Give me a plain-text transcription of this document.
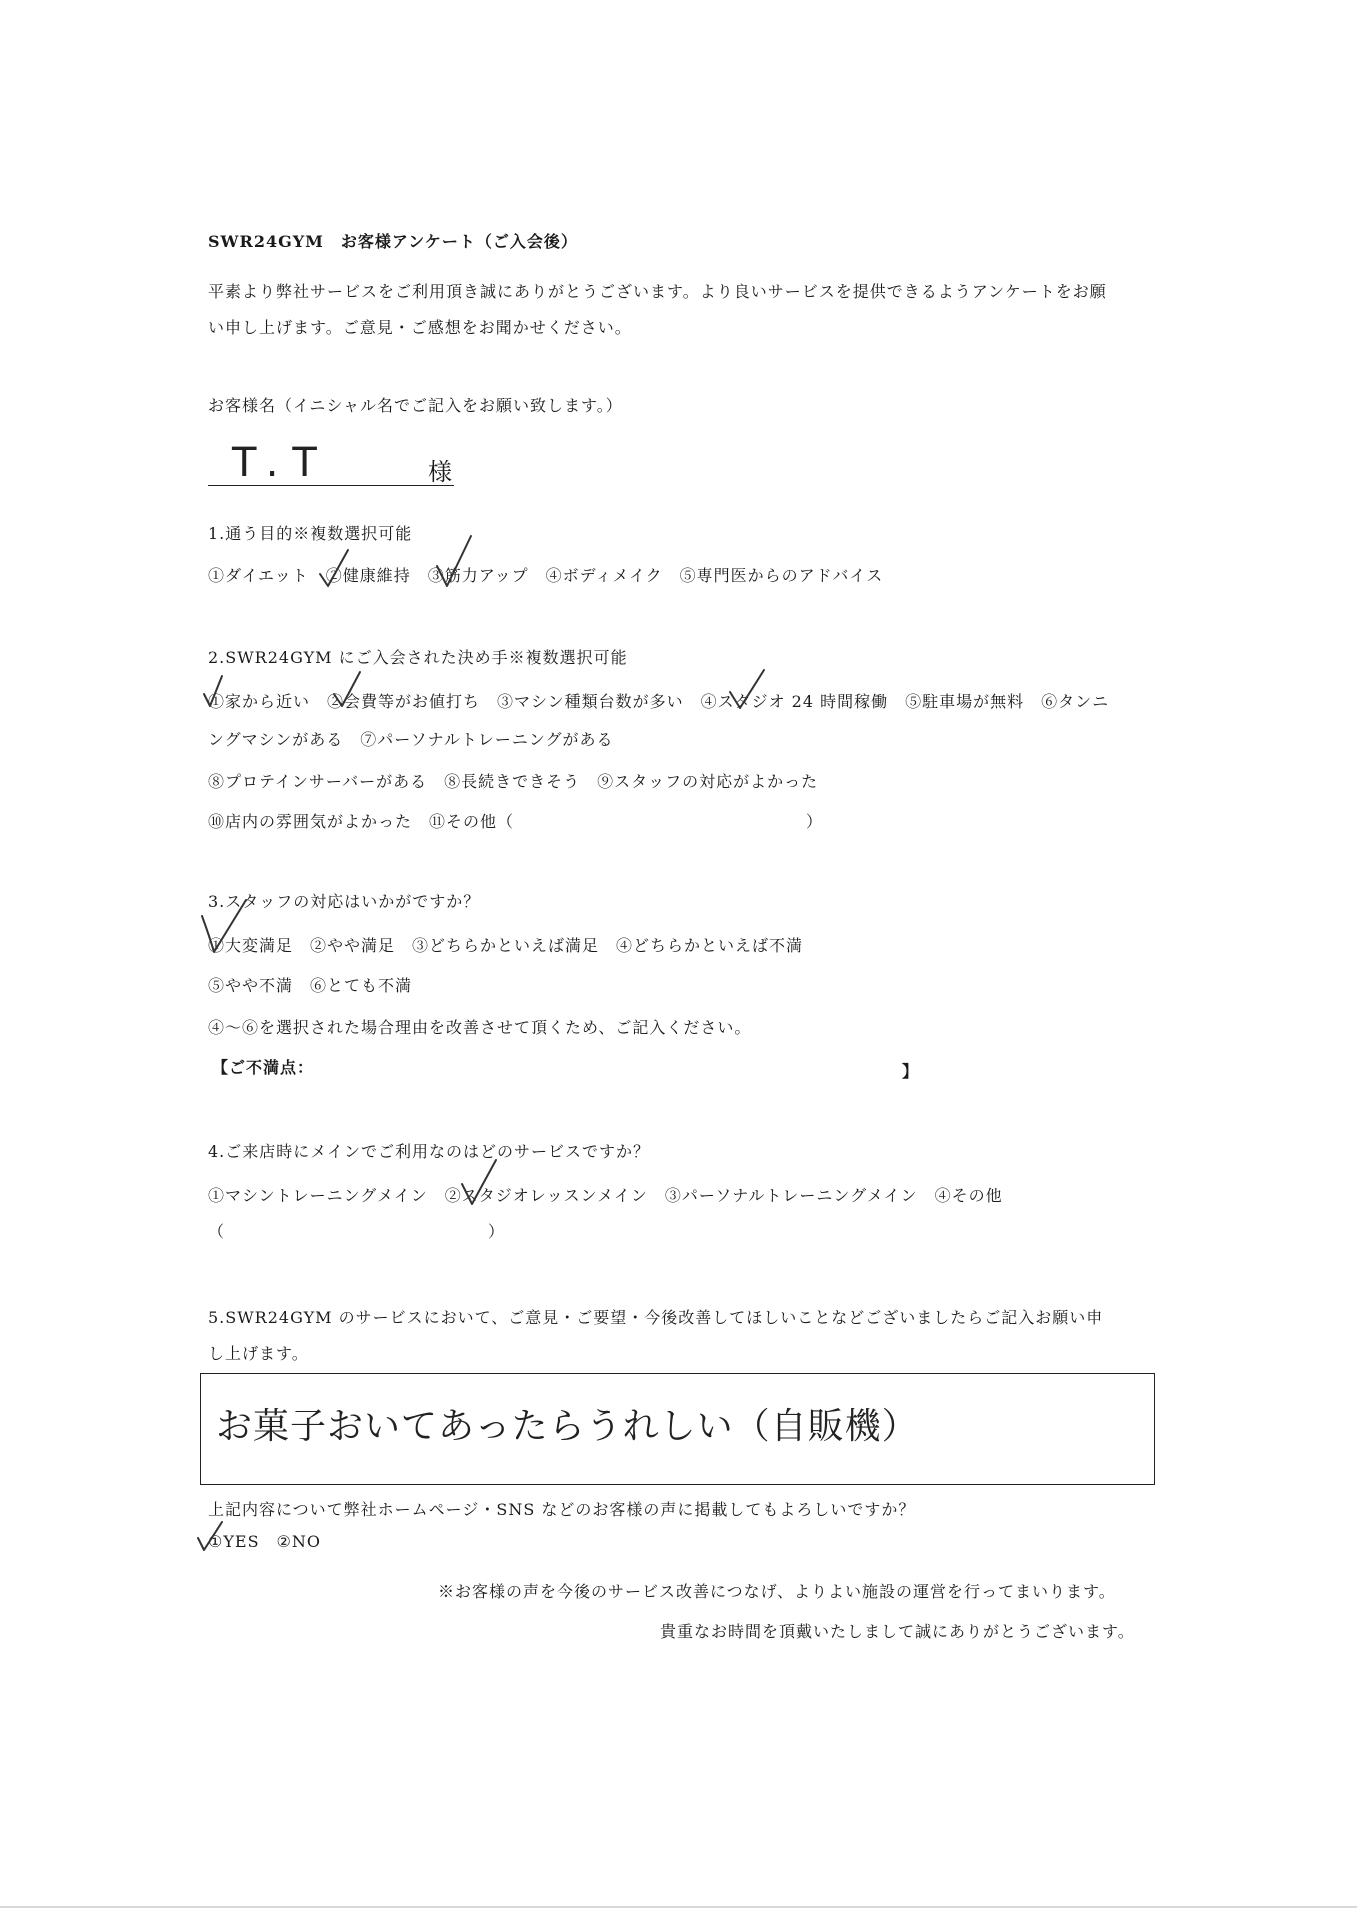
SWR24GYM　お客様アンケート（ご入会後）
平素より弊社サービスをご利用頂き誠にありがとうございます。より良いサービスを提供できるようアンケートをお願
い申し上げます。ご意見・ご感想をお聞かせください。
お客様名（イニシャル名でご記入をお願い致します。）
T.T	様
1.通う目的※複数選択可能
①ダイエット　②健康維持　③筋力アップ　④ボディメイク　⑤専門医からのアドバイス
2.SWR24GYM にご入会された決め手※複数選択可能
①家から近い　②会費等がお値打ち　③マシン種類台数が多い　④スタジオ 24 時間稼働　⑤駐車場が無料　⑥タンニ
ングマシンがある　⑦パーソナルトレーニングがある
⑧プロテインサーバーがある　⑧長続きできそう　⑨スタッフの対応がよかった
⑩店内の雰囲気がよかった　⑪その他（	）
3.スタッフの対応はいかがですか？
①大変満足　②やや満足　③どちらかといえば満足　④どちらかといえば不満
⑤やや不満　⑥とても不満
④～⑥を選択された場合理由を改善させて頂くため、ご記入ください。
【ご不満点：	】
4.ご来店時にメインでご利用なのはどのサービスですか？
①マシントレーニングメイン　②スタジオレッスンメイン　③パーソナルトレーニングメイン　④その他
（	）
5.SWR24GYM のサービスにおいて、ご意見・ご要望・今後改善してほしいことなどございましたらご記入お願い申
し上げます。
お菓子おいてあったらうれしい（自販機）
上記内容について弊社ホームページ・SNS などのお客様の声に掲載してもよろしいですか？
①YES　②NO
※お客様の声を今後のサービス改善につなげ、よりよい施設の運営を行ってまいります。
貴重なお時間を頂戴いたしまして誠にありがとうございます。
